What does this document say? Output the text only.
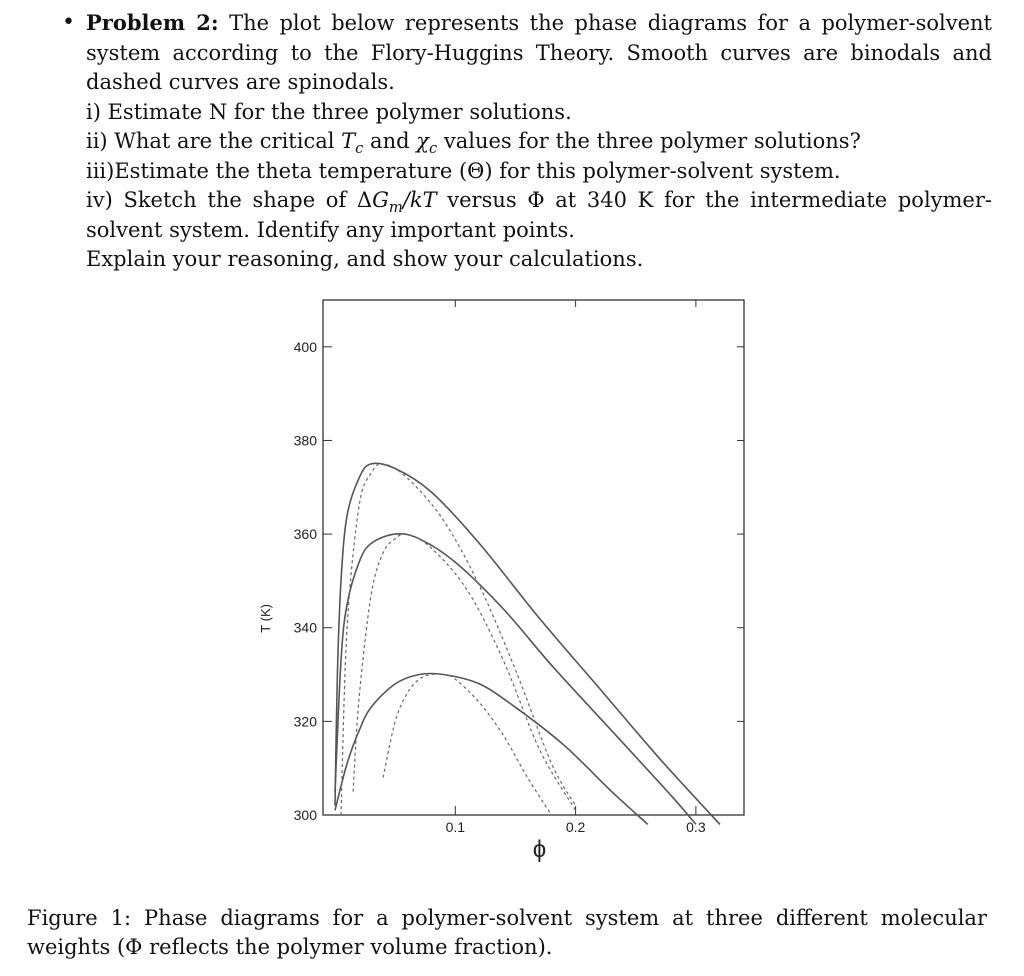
• Problem 2: The plot below represents the phase diagrams for a polymer-solvent system according to the Flory-Huggins Theory. Smooth curves are binodals and dashed curves are spinodals.

i) Estimate N for the three polymer solutions.

ii) What are the critical $T_c$ and $\chi_c$ values for the three polymer solutions?

iii)Estimate the theta temperature (Θ) for this polymer-solvent system.

iv) Sketch the shape of $\Delta G_m/kT$ versus Φ at 340 K for the intermediate polymer-solvent system. Identify any important points.

Explain your reasoning, and show your calculations.
0.1	0.2	0.3
300
320
340
360
380
400
ϕ
T (K)
Figure 1: Phase diagrams for a polymer-solvent system at three different molecular weights (Φ reflects the polymer volume fraction).
